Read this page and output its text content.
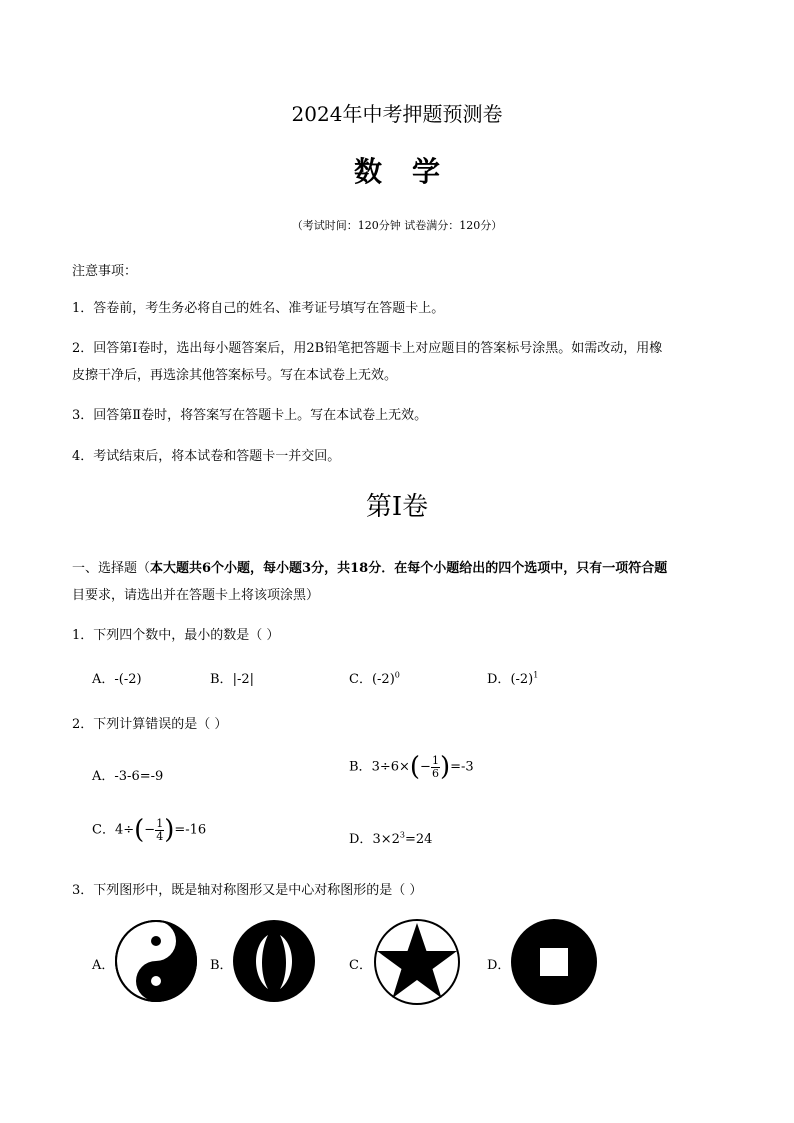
2024年中考押题预测卷
数学
（考试时间：120分钟 试卷满分：120分）
注意事项：
1．答卷前，考生务必将自己的姓名、准考证号填写在答题卡上。
2．回答第Ⅰ卷时，选出每小题答案后，用2B铅笔把答题卡上对应题目的答案标号涂黑。如需改动，用橡
皮擦干净后，再选涂其他答案标号。写在本试卷上无效。
3．回答第Ⅱ卷时，将答案写在答题卡上。写在本试卷上无效。
4．考试结束后，将本试卷和答题卡一并交回。
第Ⅰ卷
一、选择题（本大题共6个小题，每小题3分，共18分．在每个小题给出的四个选项中，只有一项符合题
目要求，请选出并在答题卡上将该项涂黑）
1．下列四个数中，最小的数是（ ）
A．-(-2)	B．|-2|	C．$(-2)^0$	D．$(-2)^1$
2．下列计算错误的是（ ）
A．-3-6=-9
B．$3\div 6\times(- \frac{1}{6} )=-3$
C．$4\div(- \frac{1}{4} )=-16$
D．$3\times 2^3=24$
3．下列图形中，既是轴对称图形又是中心对称图形的是（ ）
A．	B．	C．	D．
